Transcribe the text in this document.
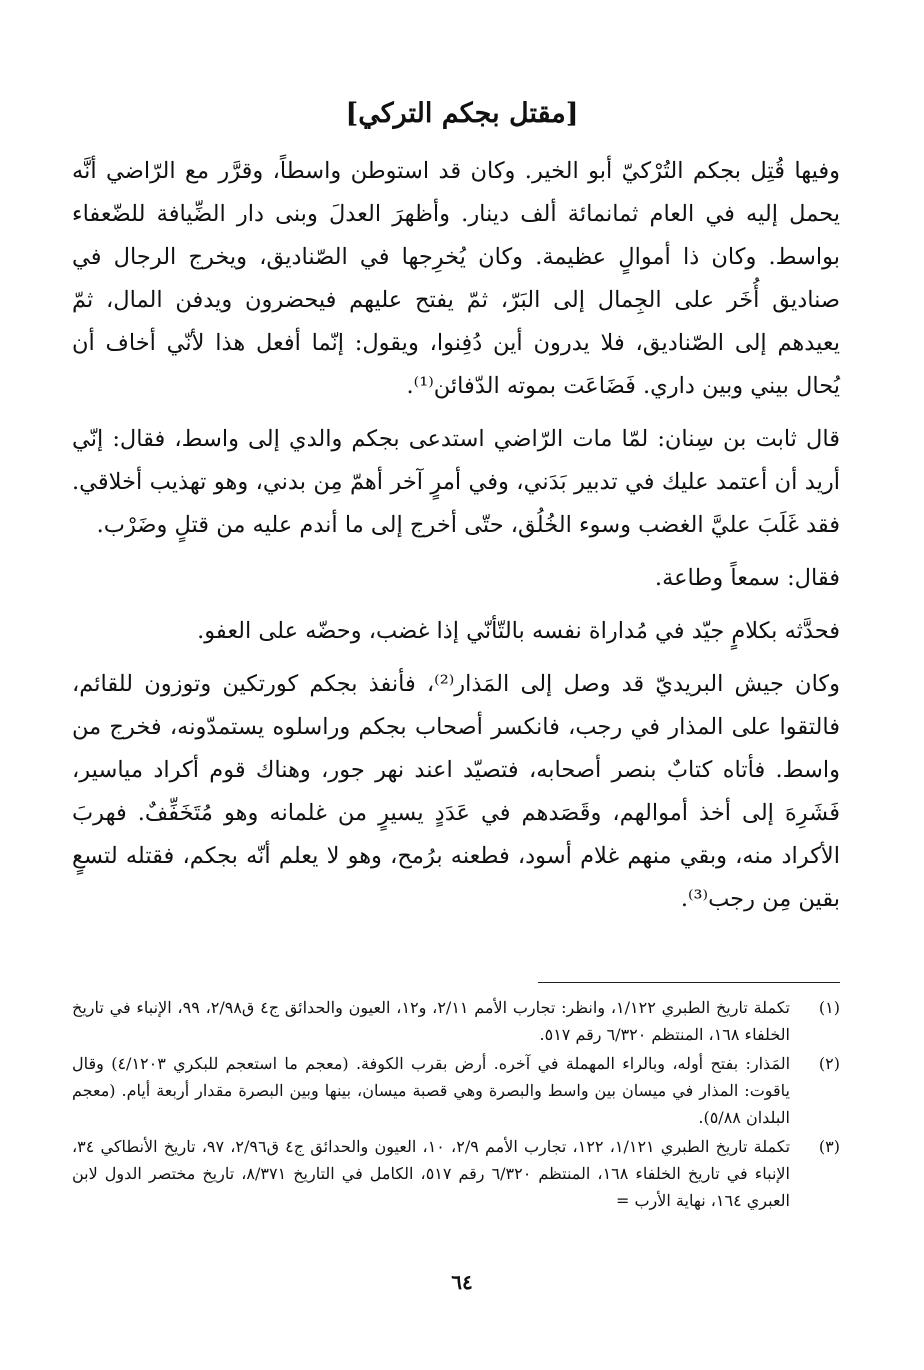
[مقتل بجكم التركي]

وفيها قُتِل بجكم التُرْكيّ أبو الخير. وكان قد استوطن واسطاً، وقرَّر مع الرّاضي أنَّه يحمل إليه في العام ثمانمائة ألف دينار. وأظهرَ العدلَ وبنى دار الضِّيافة للضّعفاء بواسط. وكان ذا أموالٍ عظيمة. وكان يُخرِجها في الصّناديق، ويخرج الرجال في صناديق أُخَر على الجِمال إلى البَرّ، ثمّ يفتح عليهم فيحضرون ويدفن المال، ثمّ يعيدهم إلى الصّناديق، فلا يدرون أين دُفِنوا، ويقول: إنّما أفعل هذا لأنّي أخاف أن يُحال بيني وبين داري. فَضَاعَت بموته الدّفائن⁽¹⁾.

قال ثابت بن سِنان: لمّا مات الرّاضي استدعى بجكم والدي إلى واسط، فقال: إنّي أريد أن أعتمد عليك في تدبير بَدَني، وفي أمرٍ آخر أهمّ مِن بدني، وهو تهذيب أخلاقي. فقد غَلَبَ عليَّ الغضب وسوء الخُلُق، حتّى أخرج إلى ما أندم عليه من قتلٍ وضَرْب.

فقال: سمعاً وطاعة.

فحدَّثه بكلامٍ جيّد في مُداراة نفسه بالتّأنّي إذا غضب، وحضّه على العفو.

وكان جيش البريديّ قد وصل إلى المَذار⁽²⁾، فأنفذ بجكم كورتكين وتوزون للقائم، فالتقوا على المذار في رجب، فانكسر أصحاب بجكم وراسلوه يستمدّونه، فخرج من واسط. فأتاه كتابٌ بنصر أصحابه، فتصيّد اعند نهر جور، وهناك قوم أكراد مياسير، فَشَرِهَ إلى أخذ أموالهم، وقَصَدهم في عَدَدٍ يسيرٍ من غلمانه وهو مُتَخَفِّفٌ. فهربَ الأكراد منه، وبقي منهم غلام أسود، فطعنه برُمح، وهو لا يعلم أنّه بجكم، فقتله لتسعٍ بقين مِن رجب⁽³⁾.

(١)
تكملة تاريخ الطبري ١/١٢٢، وانظر: تجارب الأمم ٢/١١، و١٢، العيون والحدائق ج٤ ق٢/٩٨، ٩٩، الإنباء في تاريخ الخلفاء ١٦٨، المنتظم ٦/٣٢٠ رقم ٥١٧.
(٢)
المَذار: بفتح أوله، وبالراء المهملة في آخره. أرض بقرب الكوفة. (معجم ما استعجم للبكري ٤/١٢٠٣) وقال ياقوت: المذار في ميسان بين واسط والبصرة وهي قصبة ميسان، بينها وبين البصرة مقدار أربعة أيام. (معجم البلدان ٥/٨٨).
(٣)
تكملة تاريخ الطبري ١/١٢١، ١٢٢، تجارب الأمم ٢/٩، ١٠، العيون والحدائق ج٤ ق٢/٩٦، ٩٧، تاريخ الأنطاكي ٣٤، الإنباء في تاريخ الخلفاء ١٦٨، المنتظم ٦/٣٢٠ رقم ٥١٧، الكامل في التاريخ ٨/٣٧١، تاريخ مختصر الدول لابن العبري ١٦٤، نهاية الأرب =
٦٤
